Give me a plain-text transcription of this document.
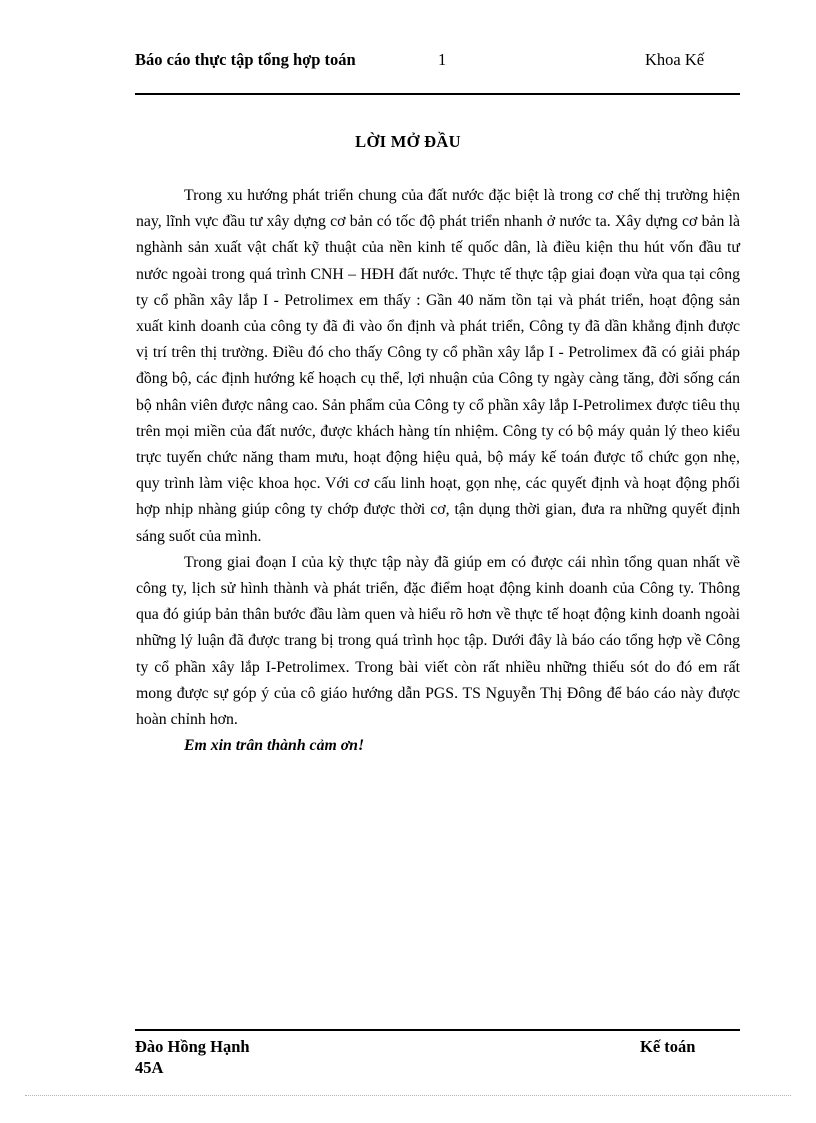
Báo cáo thực tập tổng hợp toán	1	Khoa Kế
LỜI MỞ ĐẦU

Trong xu hướng phát triển chung của đất nước đặc biệt là trong cơ chế thị trường hiện nay, lĩnh vực đầu tư xây dựng cơ bản có tốc độ phát triển nhanh ở nước ta. Xây dựng cơ bản là nghành sản xuất vật chất kỹ thuật của nền kinh tế quốc dân, là điều kiện thu hút vốn đầu tư nước ngoài trong quá trình CNH – HĐH đất nước. Thực tế thực tập giai đoạn vừa qua tại công ty cổ phần xây lắp I - Petrolimex em thấy : Gần 40 năm tồn tại và phát triển, hoạt động sản xuất kinh doanh của công ty đã đi vào ổn định và phát triển, Công ty đã dần khẳng định được vị trí trên thị trường. Điều đó cho thấy Công ty cổ phần xây lắp I - Petrolimex đã có giải pháp đồng bộ, các định hướng kế hoạch cụ thể, lợi nhuận của Công ty ngày càng tăng, đời sống cán bộ nhân viên được nâng cao. Sản phẩm của Công ty cổ phần xây lắp I-Petrolimex được tiêu thụ trên mọi miền của đất nước, được khách hàng tín nhiệm. Công ty có bộ máy quản lý theo kiểu trực tuyến chức năng tham mưu, hoạt động hiệu quả, bộ máy kế toán được tổ chức gọn nhẹ, quy trình làm việc khoa học. Với cơ cấu linh hoạt, gọn nhẹ, các quyết định và hoạt động phối hợp nhịp nhàng giúp công ty chớp được thời cơ, tận dụng thời gian, đưa ra những quyết định sáng suốt của mình.

Trong giai đoạn I của kỳ thực tập này đã giúp em có được cái nhìn tổng quan nhất về công ty, lịch sử hình thành và phát triển, đặc điểm hoạt động kinh doanh của Công ty. Thông qua đó giúp bản thân bước đầu làm quen và hiểu rõ hơn về thực tế hoạt động kinh doanh ngoài những lý luận đã được trang bị trong quá trình học tập. Dưới đây là báo cáo tổng hợp về Công ty cổ phần xây lắp I-Petrolimex. Trong bài viết còn rất nhiều những thiếu sót do đó em rất mong được sự góp ý của cô giáo hướng dẫn PGS. TS Nguyễn Thị Đông để báo cáo này được hoàn chỉnh hơn.

Em xin trân thành cảm ơn!

Đào Hồng Hạnh 45A
Kế toán
